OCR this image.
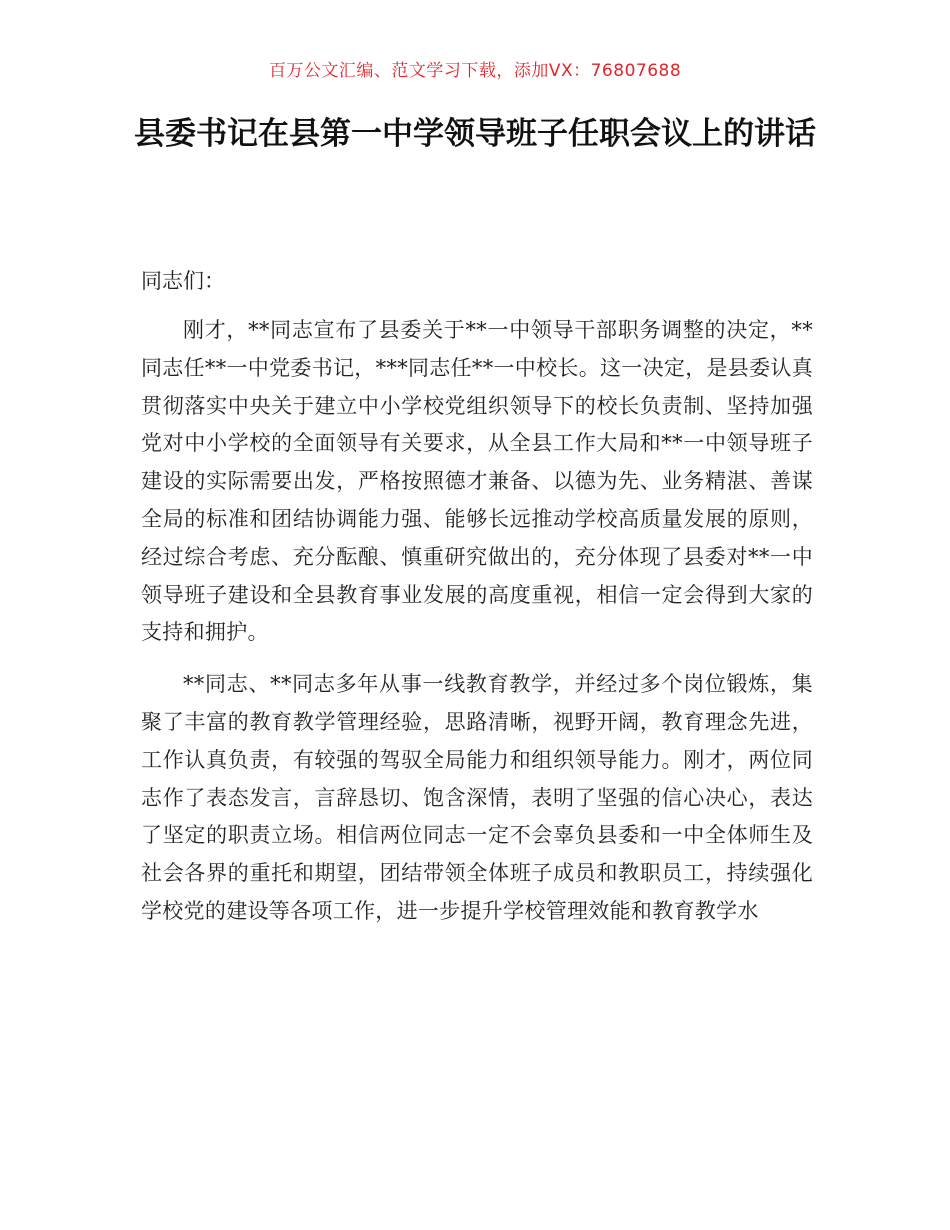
百万公文汇编、范文学习下载，添加VX：76807688
县委书记在县第一中学领导班子任职会议上的讲话
同志们：

刚才，**同志宣布了县委关于**一中领导干部职务调整的决定，**同志任**一中党委书记，***同志任**一中校长。这一决定，是县委认真贯彻落实中央关于建立中小学校党组织领导下的校长负责制、坚持加强党对中小学校的全面领导有关要求，从全县工作大局和**一中领导班子建设的实际需要出发，严格按照德才兼备、以德为先、业务精湛、善谋全局的标准和团结协调能力强、能够长远推动学校高质量发展的原则，经过综合考虑、充分酝酿、慎重研究做出的，充分体现了县委对**一中领导班子建设和全县教育事业发展的高度重视，相信一定会得到大家的支持和拥护。

**同志、**同志多年从事一线教育教学，并经过多个岗位锻炼，集聚了丰富的教育教学管理经验，思路清晰，视野开阔，教育理念先进，工作认真负责，有较强的驾驭全局能力和组织领导能力。刚才，两位同志作了表态发言，言辞恳切、饱含深情，表明了坚强的信心决心，表达了坚定的职责立场。相信两位同志一定不会辜负县委和一中全体师生及社会各界的重托和期望，团结带领全体班子成员和教职员工，持续强化学校党的建设等各项工作，进一步提升学校管理效能和教育教学水
